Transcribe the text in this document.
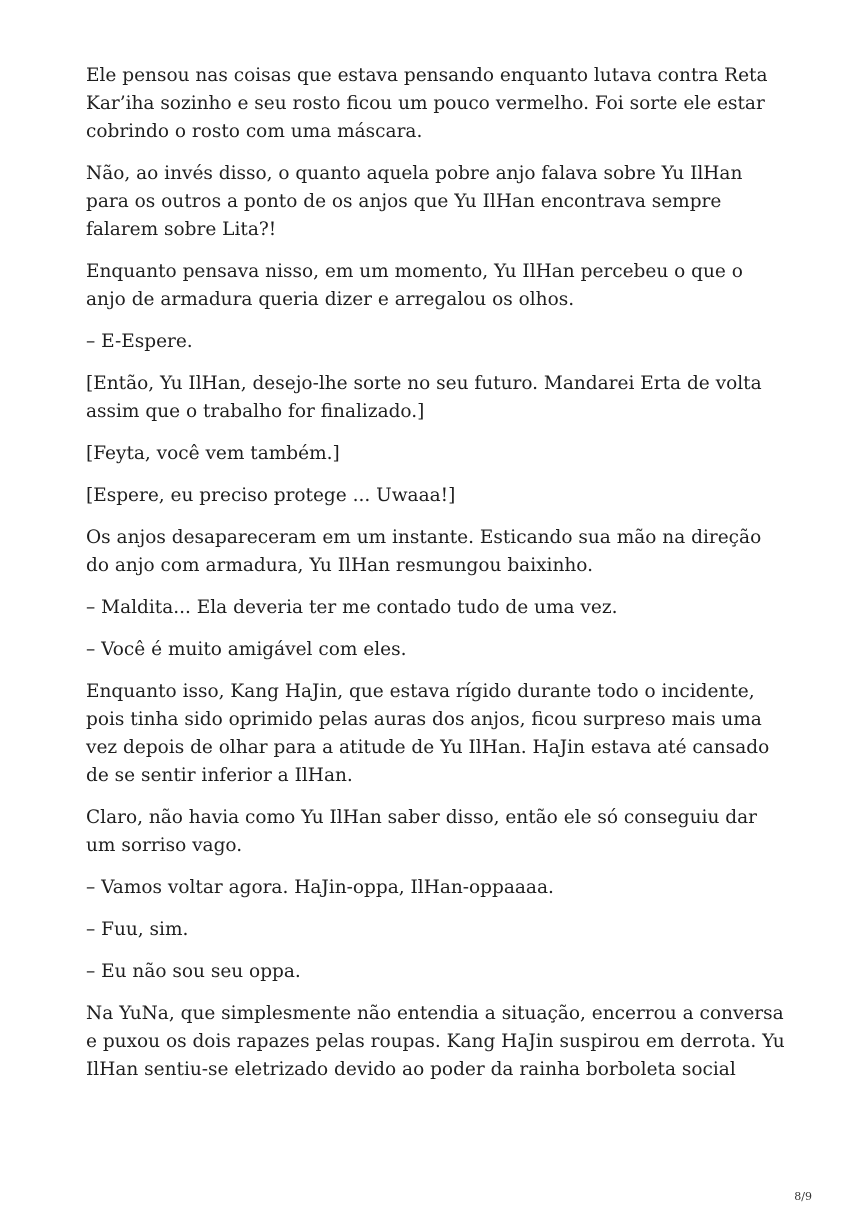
Ele pensou nas coisas que estava pensando enquanto lutava contra Reta Kar’iha sozinho e seu rosto ficou um pouco vermelho. Foi sorte ele estar cobrindo o rosto com uma máscara.

Não, ao invés disso, o quanto aquela pobre anjo falava sobre Yu IlHan para os outros a ponto de os anjos que Yu IlHan encontrava sempre falarem sobre Lita?!

Enquanto pensava nisso, em um momento, Yu IlHan percebeu o que o anjo de armadura queria dizer e arregalou os olhos.

– E-Espere.

[Então, Yu IlHan, desejo-lhe sorte no seu futuro. Mandarei Erta de volta assim que o trabalho for finalizado.]

[Feyta, você vem também.]

[Espere, eu preciso protege ... Uwaaa!]

Os anjos desapareceram em um instante. Esticando sua mão na direção do anjo com armadura, Yu IlHan resmungou baixinho.

– Maldita... Ela deveria ter me contado tudo de uma vez.

– Você é muito amigável com eles.

Enquanto isso, Kang HaJin, que estava rígido durante todo o incidente, pois tinha sido oprimido pelas auras dos anjos, ficou surpreso mais uma vez depois de olhar para a atitude de Yu IlHan. HaJin estava até cansado de se sentir inferior a IlHan.

Claro, não havia como Yu IlHan saber disso, então ele só conseguiu dar um sorriso vago.

– Vamos voltar agora. HaJin-oppa, IlHan-oppaaaa.

– Fuu, sim.

– Eu não sou seu oppa.

Na YuNa, que simplesmente não entendia a situação, encerrou a conversa e puxou os dois rapazes pelas roupas. Kang HaJin suspirou em derrota. Yu IlHan sentiu-se eletrizado devido ao poder da rainha borboleta social

8/9
